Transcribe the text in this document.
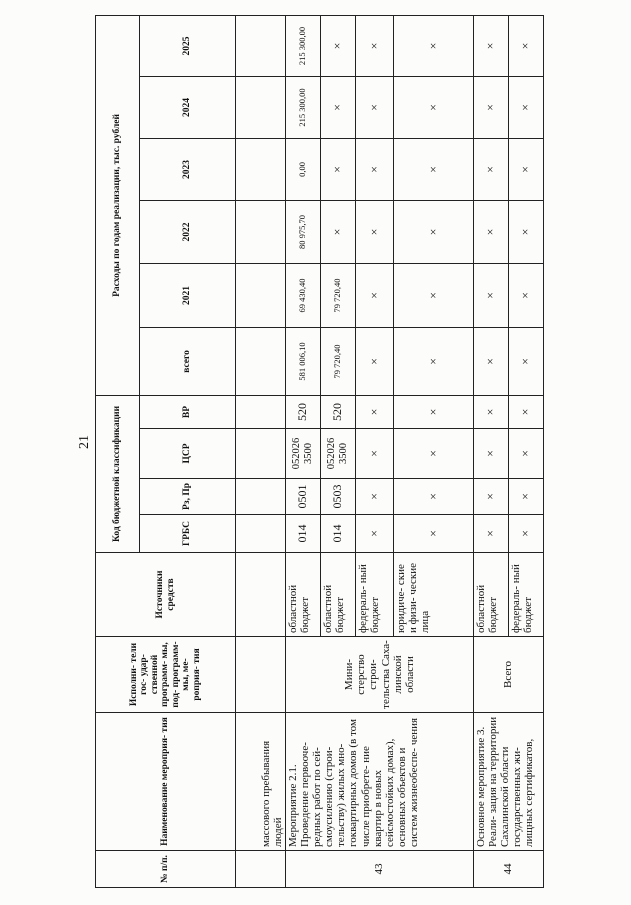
21
№ п/п.	Наименование мероприя- тия	Исполни- тели гос- удар- ственной программ- мы, под- программ- мы, ме- роприя- тия	Источники средств	Код бюджетной классификации				Расходы по годам реализации, тыс. рублей					
				ГРБС	Рз, Пр	ЦСР	ВР	всего	2021	2022	2023	2024	2025
	массового пребывания людей												
43	Мероприятие 2.1. Проведение первооче- редных работ по сей- смоусилению (строи- тельству) жилых мно- гоквартирных домов (в том числе приобрете- ние квартир в новых сейсмостойких домах), основных объектов и систем жизнеобеспе- чения	Мини- стерство строи- тельства Саха- линской области	областной бюджет	014	0501	052026 3500	520	581 006,10	69 430,40	80 975,70	0,00	215 300,00	215 300,00
			областной бюджет	014	0503	052026 3500	520	79 720,40	79 720,40	×	×	×	×
			федераль- ный бюджет	×	×	×	×	×	×	×	×	×	×
			юридиче- ские и физи- ческие лица	×	×	×	×	×	×	×	×	×	×
44	Основное мероприятие 3. Реали- зация на территории Сахалинской области государственных жи- лищных сертификатов,	Всего	областной бюджет	×	×	×	×	×	×	×	×	×	×
			федераль- ный бюджет	×	×	×	×	×	×	×	×	×	×
